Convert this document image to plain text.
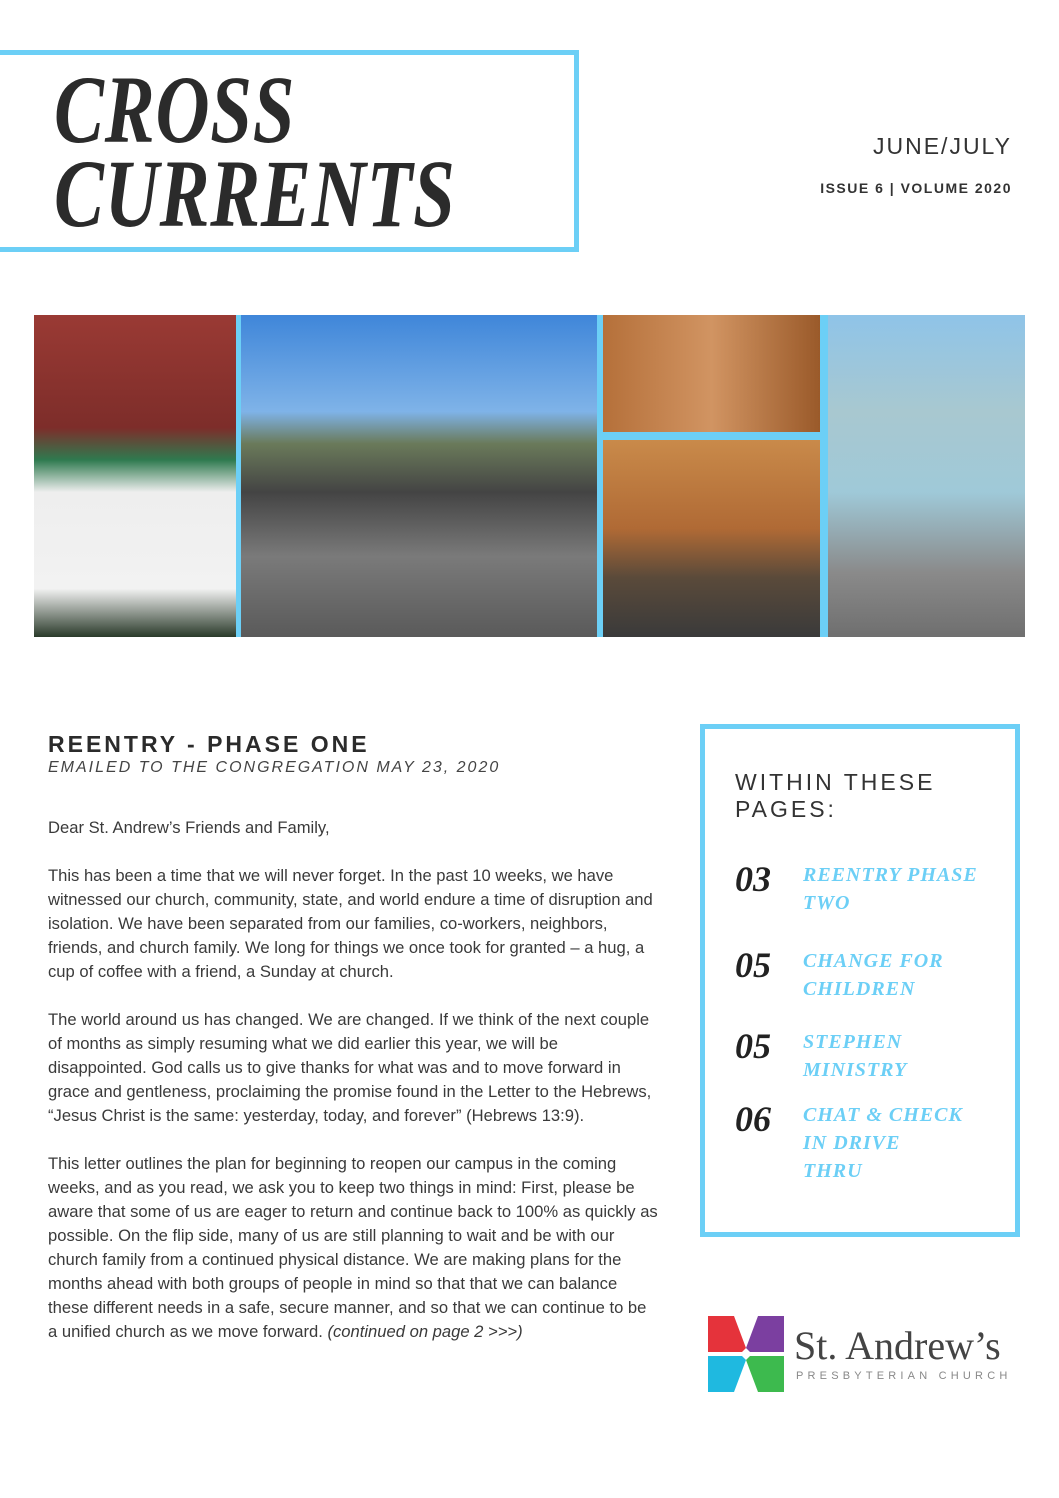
CROSS
CURRENTS	JUNE/JULY
ISSUE 6 | VOLUME 2020
REENTRY - PHASE ONE
EMAILED TO THE CONGREGATION MAY 23, 2020

Dear St. Andrew’s Friends and Family,

This has been a time that we will never forget. In the past 10 weeks, we have witnessed our church, community, state, and world endure a time of disruption and isolation. We have been separated from our families, co-workers, neighbors, friends, and church family. We long for things we once took for granted – a hug, a cup of coffee with a friend, a Sunday at church.

The world around us has changed. We are changed. If we think of the next couple of months as simply resuming what we did earlier this year, we will be disappointed. God calls us to give thanks for what was and to move forward in grace and gentleness, proclaiming the promise found in the Letter to the Hebrews, “Jesus Christ is the same: yesterday, today, and forever” (Hebrews 13:9).

This letter outlines the plan for beginning to reopen our campus in the coming weeks, and as you read, we ask you to keep two things in mind: First, please be aware that some of us are eager to return and continue back to 100% as quickly as possible. On the flip side, many of us are still planning to wait and be with our church family from a continued physical distance. We are making plans for the months ahead with both groups of people in mind so that that we can balance these different needs in a safe, secure manner, and so that we can continue to be a unified church as we move forward. (continued on page 2 >>>)

WITHIN THESE PAGES:
03	REENTRY PHASE TWO
05	CHANGE FOR CHILDREN
05	STEPHEN MINISTRY
06	CHAT & CHECK IN DRIVE THRU
St. Andrew’s
PRESBYTERIAN CHURCH
